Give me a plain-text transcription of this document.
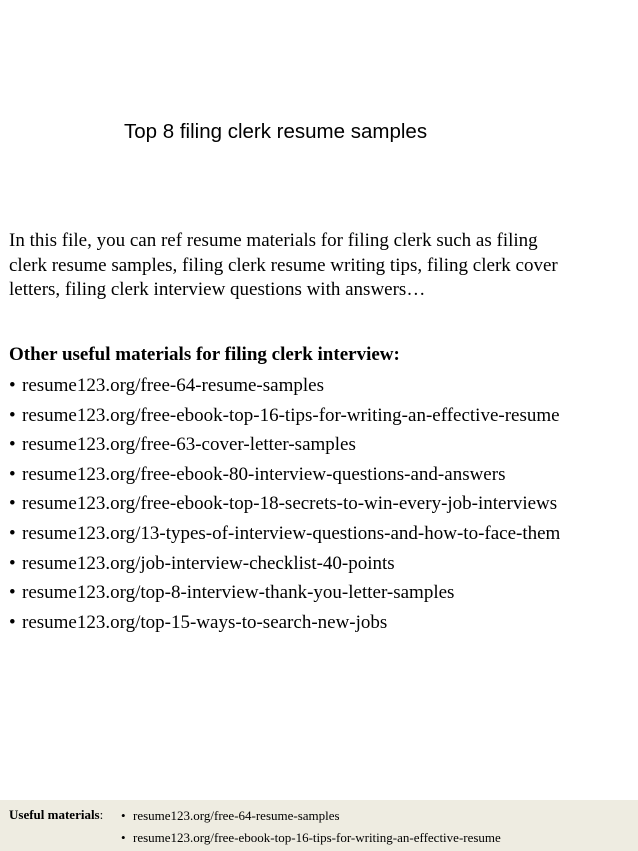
Top 8 filing clerk resume samples

In this file, you can ref resume materials for filing clerk such as filing
clerk resume samples, filing clerk resume writing tips, filing clerk cover
letters, filing clerk interview questions with answers…

Other useful materials for filing clerk interview:
• resume123.org/free-64-resume-samples
• resume123.org/free-ebook-top-16-tips-for-writing-an-effective-resume
• resume123.org/free-63-cover-letter-samples
• resume123.org/free-ebook-80-interview-questions-and-answers
• resume123.org/free-ebook-top-18-secrets-to-win-every-job-interviews
• resume123.org/13-types-of-interview-questions-and-how-to-face-them
• resume123.org/job-interview-checklist-40-points
• resume123.org/top-8-interview-thank-you-letter-samples
• resume123.org/top-15-ways-to-search-new-jobs
Useful materials: • resume123.org/free-64-resume-samples
• resume123.org/free-ebook-top-16-tips-for-writing-an-effective-resume
